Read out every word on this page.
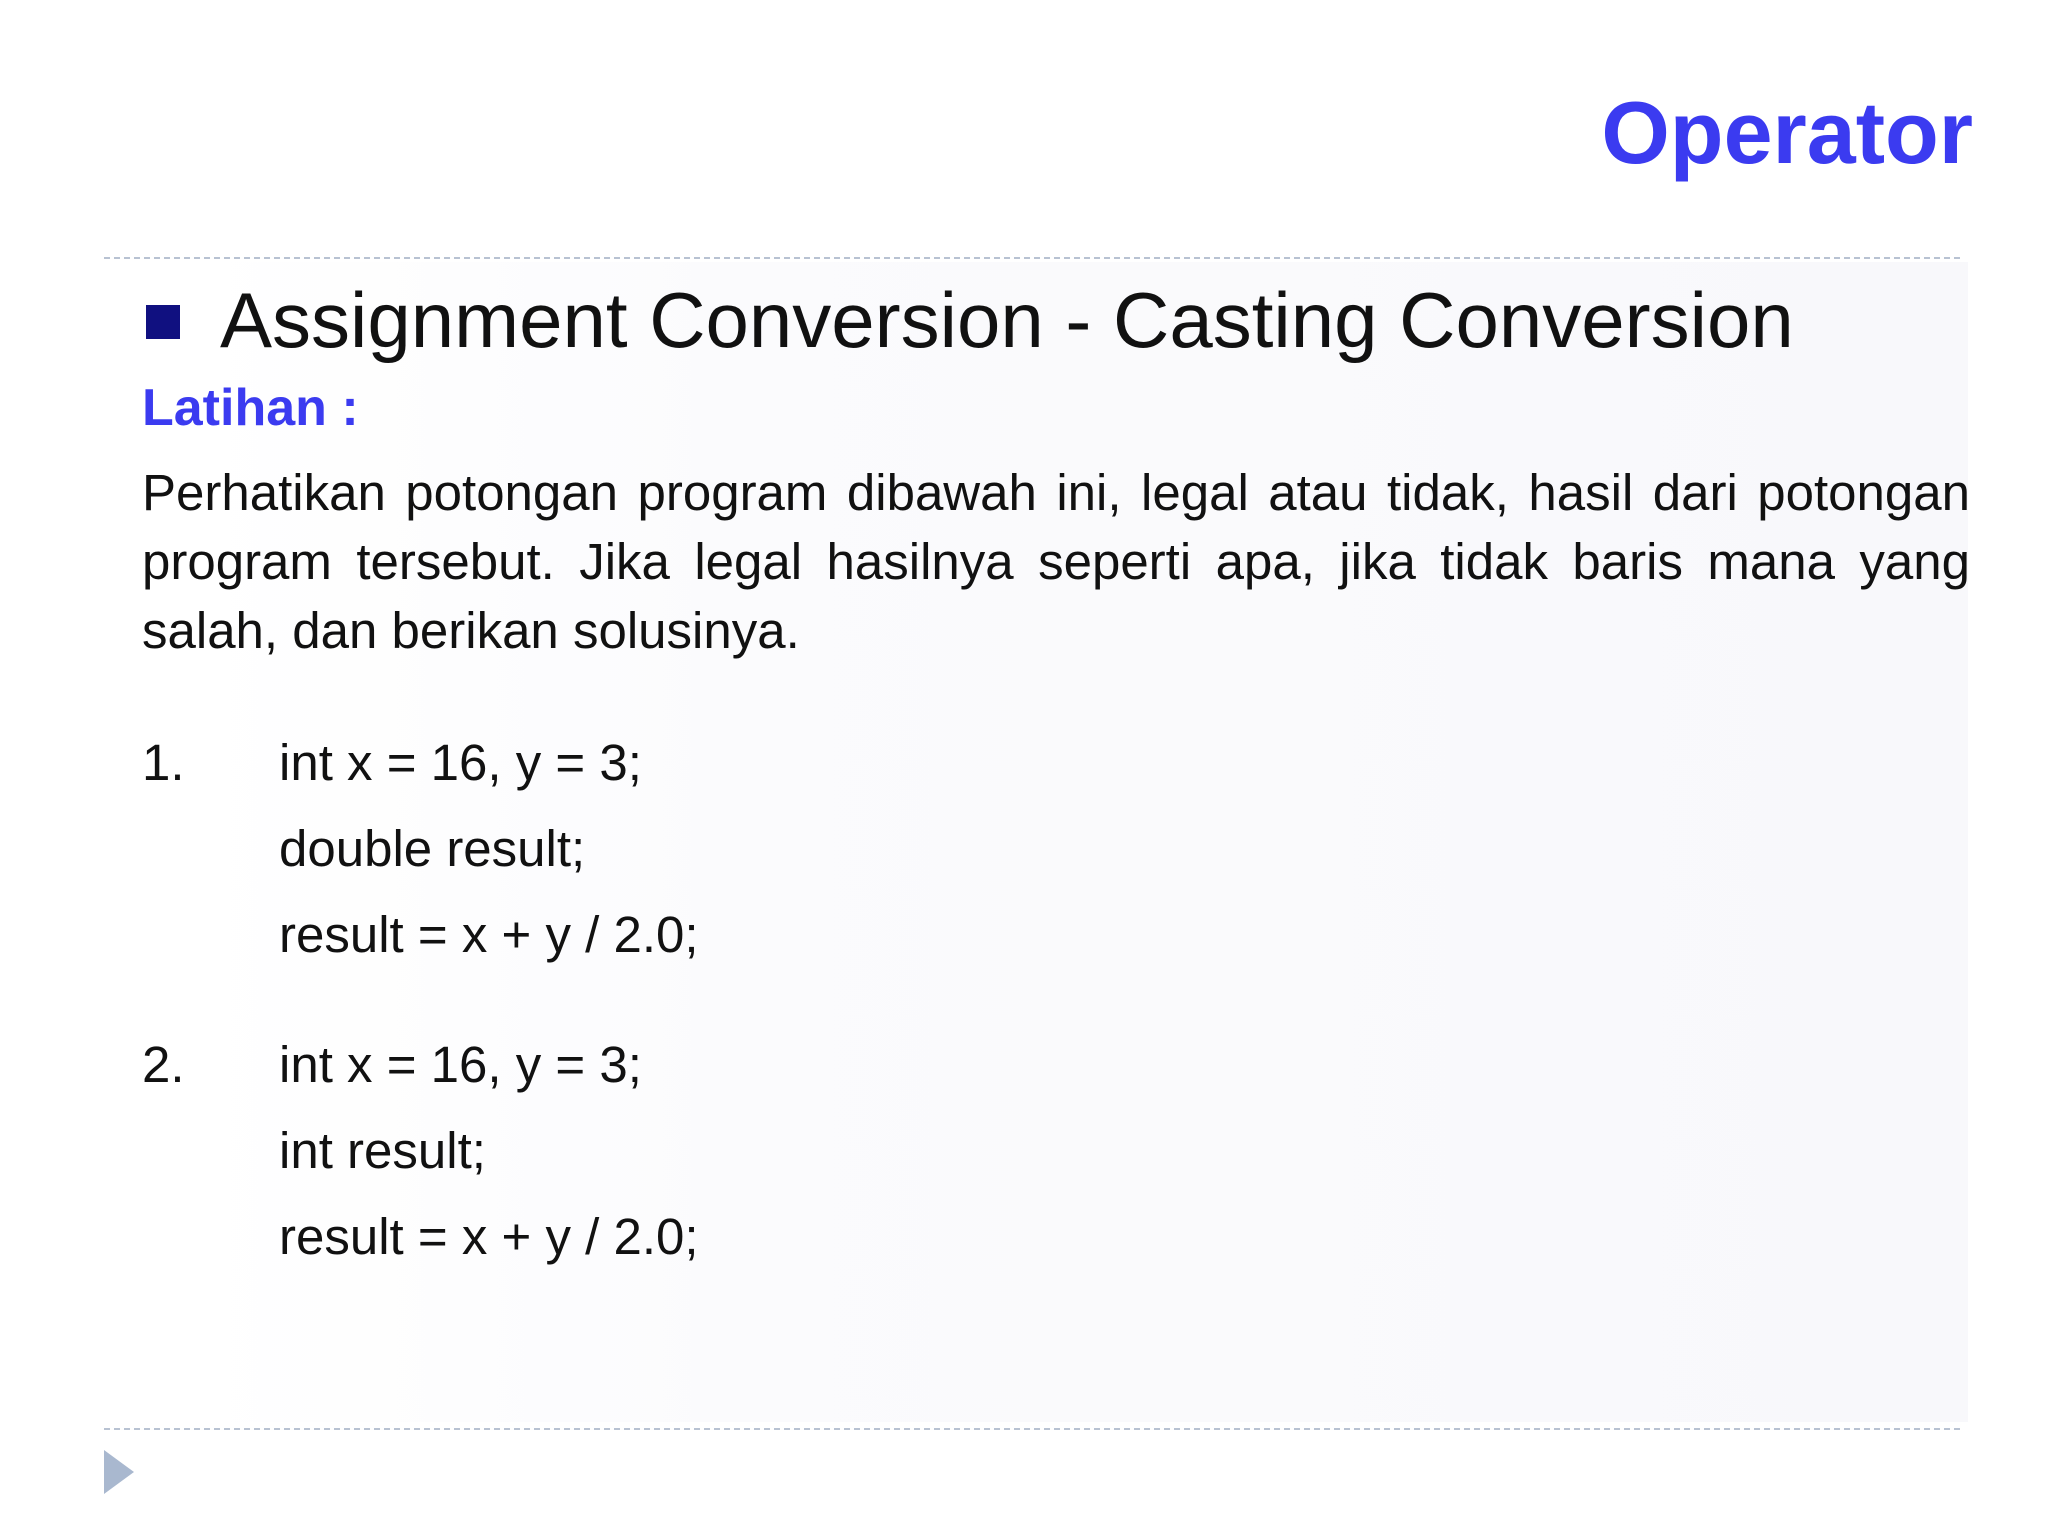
Operator
Assignment Conversion - Casting Conversion
Latihan :

Perhatikan potongan program dibawah ini, legal atau tidak, hasil dari potongan program tersebut. Jika legal hasilnya seperti apa, jika tidak baris mana yang salah, dan berikan solusinya.

1. int x = 16, y = 3;
double result;
result = x + y / 2.0;
2. int x = 16, y = 3;
int result;
result = x + y / 2.0;
